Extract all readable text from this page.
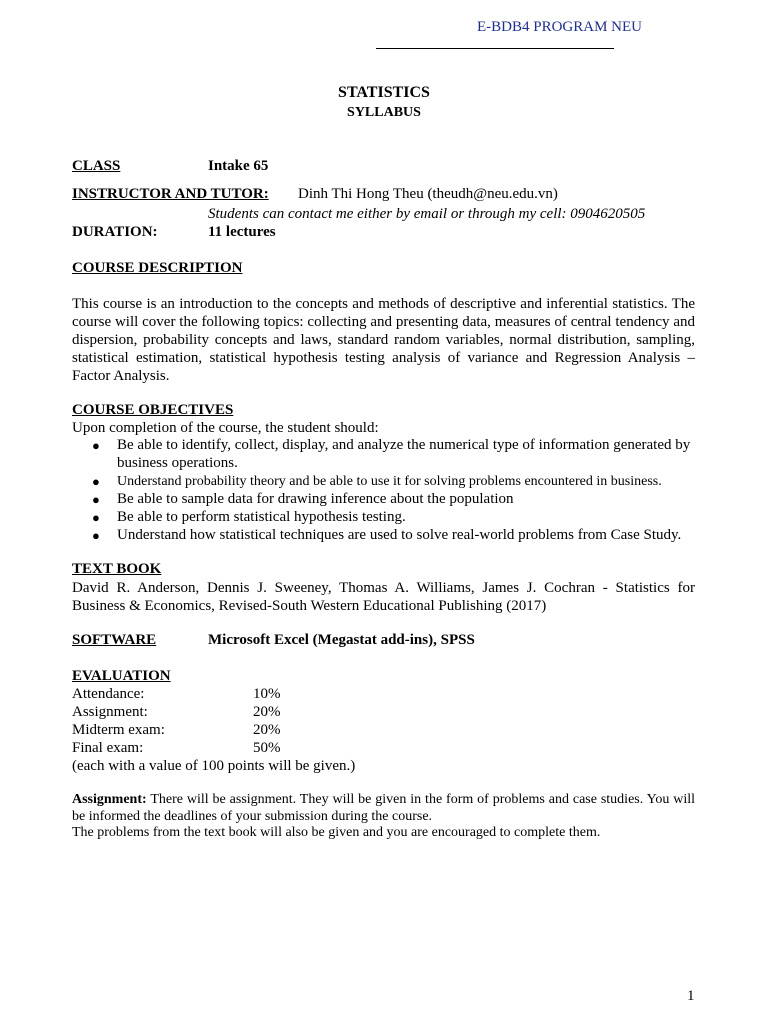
E-BDB4 PROGRAM NEU
STATISTICS
SYLLABUS
CLASS	Intake 65
INSTRUCTOR AND TUTOR: Dinh Thi Hong Theu (theudh@neu.edu.vn)
Students can contact me either by email or through my cell: 0904620505
DURATION:	11 lectures
COURSE DESCRIPTION
This course is an introduction to the concepts and methods of descriptive and inferential statistics. The course will cover the following topics: collecting and presenting data, measures of central tendency and dispersion, probability concepts and laws, standard random variables, normal distribution, sampling, statistical estimation, statistical hypothesis testing analysis of variance and Regression Analysis – Factor Analysis.
COURSE OBJECTIVES
Upon completion of the course, the student should:
● Be able to identify, collect, display, and analyze the numerical type of information generated by business operations.
● Understand probability theory and be able to use it for solving problems encountered in business.
● Be able to sample data for drawing inference about the population
● Be able to perform statistical hypothesis testing.
● Understand how statistical techniques are used to solve real-world problems from Case Study.
TEXT BOOK
David R. Anderson, Dennis J. Sweeney, Thomas A. Williams, James J. Cochran - Statistics for Business & Economics, Revised-South Western Educational Publishing (2017)
SOFTWARE	Microsoft Excel (Megastat add-ins), SPSS
EVALUATION
Attendance:	10%
Assignment:	20%
Midterm exam:	20%
Final exam:	50%
(each with a value of 100 points will be given.)
Assignment: There will be assignment. They will be given in the form of problems and case studies. You will be informed the deadlines of your submission during the course.
The problems from the text book will also be given and you are encouraged to complete them.
1
